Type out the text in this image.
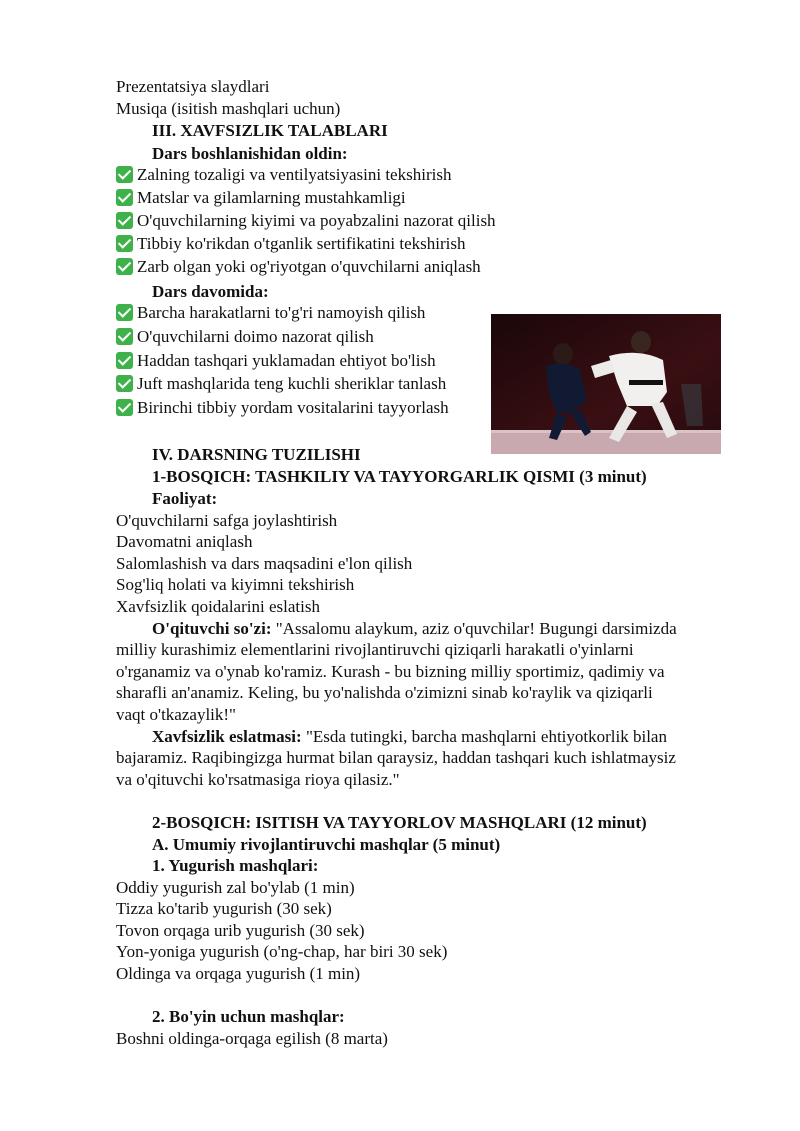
Prezentatsiya slaydlari
Musiqa (isitish mashqlari uchun)
III. XAVFSIZLIK TALABLARI
Dars boshlanishidan oldin:
Zalning tozaligi va ventilyatsiyasini tekshirish
Matslar va gilamlarning mustahkamligi
O'quvchilarning kiyimi va poyabzalini nazorat qilish
Tibbiy ko'rikdan o'tganlik sertifikatini tekshirish
Zarb olgan yoki og'riyotgan o'quvchilarni aniqlash
Dars davomida:
Barcha harakatlarni to'g'ri namoyish qilish
O'quvchilarni doimo nazorat qilish
Haddan tashqari yuklamadan ehtiyot bo'lish
Juft mashqlarida teng kuchli sheriklar tanlash
Birinchi tibbiy yordam vositalarini tayyorlash
IV. DARSNING TUZILISHI
1-BOSQICH: TASHKILIY VA TAYYORGARLIK QISMI (3 minut)
Faoliyat:
O'quvchilarni safga joylashtirish
Davomatni aniqlash
Salomlashish va dars maqsadini e'lon qilish
Sog'liq holati va kiyimni tekshirish
Xavfsizlik qoidalarini eslatish
O'qituvchi so'zi: "Assalomu alaykum, aziz o'quvchilar! Bugungi darsimizda
milliy kurashimiz elementlarini rivojlantiruvchi qiziqarli harakatli o'yinlarni
o'rganamiz va o'ynab ko'ramiz. Kurash - bu bizning milliy sportimiz, qadimiy va
sharafli an'anamiz. Keling, bu yo'nalishda o'zimizni sinab ko'raylik va qiziqarli
vaqt o'tkazaylik!"
Xavfsizlik eslatmasi: "Esda tutingki, barcha mashqlarni ehtiyotkorlik bilan
bajaramiz. Raqibingizga hurmat bilan qaraysiz, haddan tashqari kuch ishlatmaysiz
va o'qituvchi ko'rsatmasiga rioya qilasiz."
2-BOSQICH: ISITISH VA TAYYORLOV MASHQLARI (12 minut)
A. Umumiy rivojlantiruvchi mashqlar (5 minut)
1. Yugurish mashqlari:
Oddiy yugurish zal bo'ylab (1 min)
Tizza ko'tarib yugurish (30 sek)
Tovon orqaga urib yugurish (30 sek)
Yon-yoniga yugurish (o'ng-chap, har biri 30 sek)
Oldinga va orqaga yugurish (1 min)
2. Bo'yin uchun mashqlar:
Boshni oldinga-orqaga egilish (8 marta)
